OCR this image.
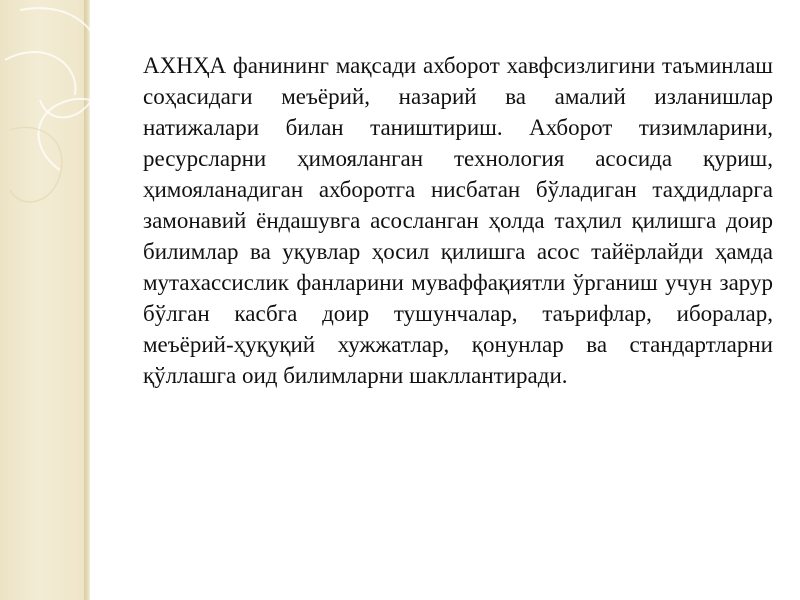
АХНҲА фанининг мақсади ахборот хавфсизлигини таъминлаш соҳасидаги меъёрий, назарий ва амалий изланишлар натижалари билан таништириш. Ахборот тизимларини, ресурсларни ҳимояланган технология асосида қуриш, ҳимояланадиган ахборотга нисбатан бўладиган таҳдидларга замонавий ёндашувга асосланган ҳолда таҳлил қилишга доир билимлар ва уқувлар ҳосил қилишга асос тайёрлайди ҳамда мутахассислик фанларини муваффақиятли ўрганиш учун зарур бўлган касбга доир тушунчалар, таърифлар, иборалар, меъёрий-ҳуқуқий хужжатлар, қонунлар ва стандартларни қўллашга оид билимларни шакллантиради.
